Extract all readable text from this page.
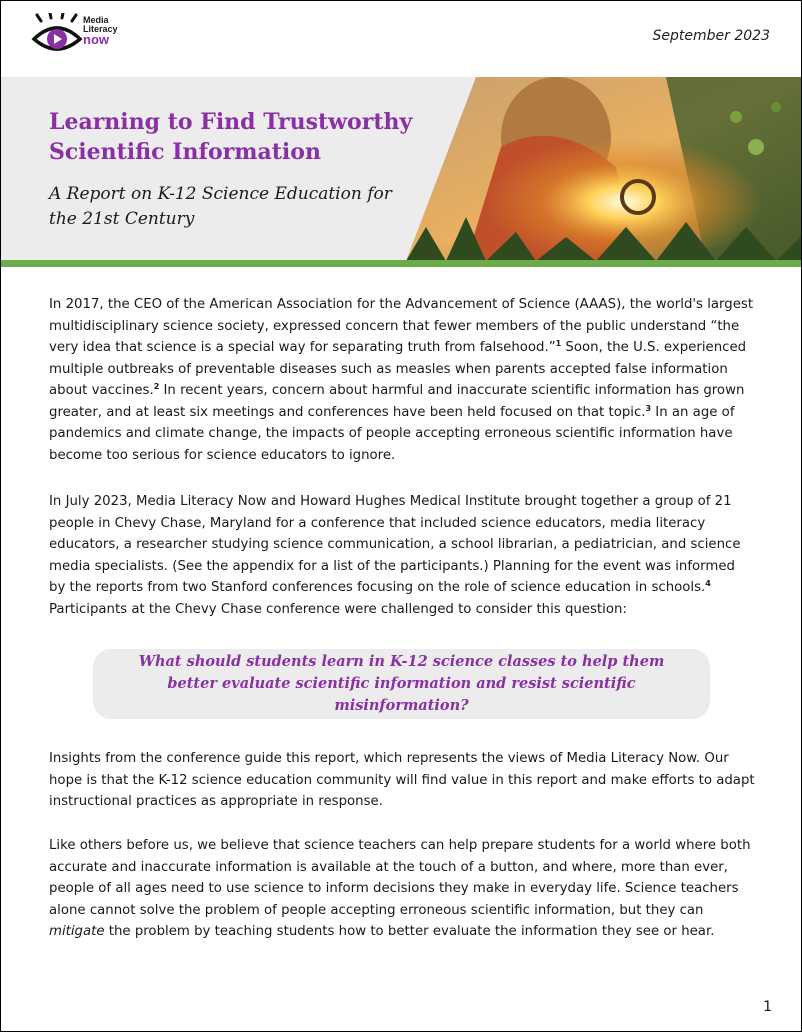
Media
Literacy
now	September 2023
Learning to Find Trustworthy Scientific Information
A Report on K-12 Science Education for the 21st Century
In 2017, the CEO of the American Association for the Advancement of Science (AAAS), the world's largest multidisciplinary science society, expressed concern that fewer members of the public understand “the very idea that science is a special way for separating truth from falsehood.”$^1$ Soon, the U.S. experienced multiple outbreaks of preventable diseases such as measles when parents accepted false information about vaccines.$^2$ In recent years, concern about harmful and inaccurate scientific information has grown greater, and at least six meetings and conferences have been held focused on that topic.$^3$ In an age of pandemics and climate change, the impacts of people accepting erroneous scientific information have become too serious for science educators to ignore.
In July 2023, Media Literacy Now and Howard Hughes Medical Institute brought together a group of 21 people in Chevy Chase, Maryland for a conference that included science educators, media literacy educators, a researcher studying science communication, a school librarian, a pediatrician, and science media specialists. (See the appendix for a list of the participants.) Planning for the event was informed by the reports from two Stanford conferences focusing on the role of science education in schools.$^4$ Participants at the Chevy Chase conference were challenged to consider this question:
What should students learn in K-12 science classes to help them better evaluate scientific information and resist scientific misinformation?
Insights from the conference guide this report, which represents the views of Media Literacy Now. Our hope is that the K-12 science education community will find value in this report and make efforts to adapt instructional practices as appropriate in response.
Like others before us, we believe that science teachers can help prepare students for a world where both accurate and inaccurate information is available at the touch of a button, and where, more than ever, people of all ages need to use science to inform decisions they make in everyday life. Science teachers alone cannot solve the problem of people accepting erroneous scientific information, but they can mitigate the problem by teaching students how to better evaluate the information they see or hear.
1
